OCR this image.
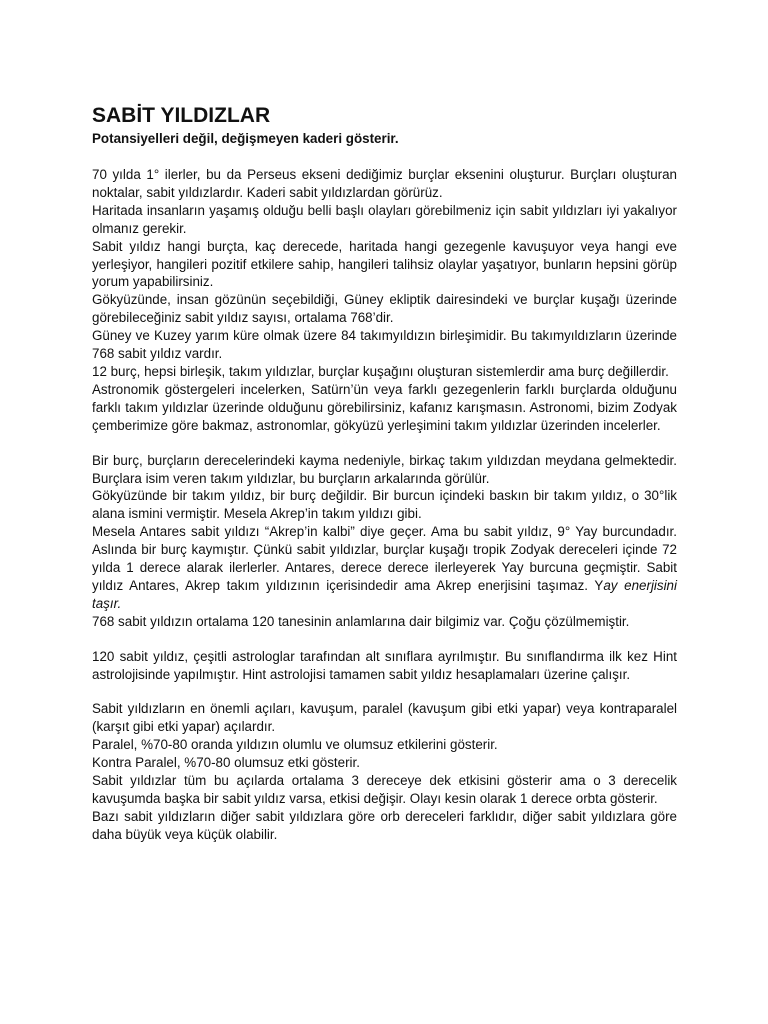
SABİT YILDIZLAR

Potansiyelleri değil, değişmeyen kaderi gösterir.

70 yılda 1° ilerler, bu da Perseus ekseni dediğimiz burçlar eksenini oluşturur. Burçları oluşturan noktalar, sabit yıldızlardır. Kaderi sabit yıldızlardan görürüz.

Haritada insanların yaşamış olduğu belli başlı olayları görebilmeniz için sabit yıldızları iyi yakalıyor olmanız gerekir.

Sabit yıldız hangi burçta, kaç derecede, haritada hangi gezegenle kavuşuyor veya hangi eve yerleşiyor, hangileri pozitif etkilere sahip, hangileri talihsiz olaylar yaşatıyor, bunların hepsini görüp yorum yapabilirsiniz.

Gökyüzünde, insan gözünün seçebildiği, Güney ekliptik dairesindeki ve burçlar kuşağı üzerinde görebileceğiniz sabit yıldız sayısı, ortalama 768’dir.

Güney ve Kuzey yarım küre olmak üzere 84 takımyıldızın birleşimidir. Bu takımyıldızların üzerinde 768 sabit yıldız vardır.

12 burç, hepsi birleşik, takım yıldızlar, burçlar kuşağını oluşturan sistemlerdir ama burç değillerdir.

Astronomik göstergeleri incelerken, Satürn’ün veya farklı gezegenlerin farklı burçlarda olduğunu farklı takım yıldızlar üzerinde olduğunu görebilirsiniz, kafanız karışmasın. Astronomi, bizim Zodyak çemberimize göre bakmaz, astronomlar, gökyüzü yerleşimini takım yıldızlar üzerinden incelerler.

Bir burç, burçların derecelerindeki kayma nedeniyle, birkaç takım yıldızdan meydana gelmektedir. Burçlara isim veren takım yıldızlar, bu burçların arkalarında görülür.

Gökyüzünde bir takım yıldız, bir burç değildir. Bir burcun içindeki baskın bir takım yıldız, o 30°lik alana ismini vermiştir. Mesela Akrep’in takım yıldızı gibi.

Mesela Antares sabit yıldızı “Akrep’in kalbi” diye geçer. Ama bu sabit yıldız, 9° Yay burcundadır. Aslında bir burç kaymıştır. Çünkü sabit yıldızlar, burçlar kuşağı tropik Zodyak dereceleri içinde 72 yılda 1 derece alarak ilerlerler. Antares, derece derece ilerleyerek Yay burcuna geçmiştir. Sabit yıldız Antares, Akrep takım yıldızının içerisindedir ama Akrep enerjisini taşımaz. Yay enerjisini taşır.

768 sabit yıldızın ortalama 120 tanesinin anlamlarına dair bilgimiz var. Çoğu çözülmemiştir.

120 sabit yıldız, çeşitli astrologlar tarafından alt sınıflara ayrılmıştır. Bu sınıflandırma ilk kez Hint astrolojisinde yapılmıştır. Hint astrolojisi tamamen sabit yıldız hesaplamaları üzerine çalışır.

Sabit yıldızların en önemli açıları, kavuşum, paralel (kavuşum gibi etki yapar) veya kontraparalel (karşıt gibi etki yapar) açılardır.

Paralel, %70-80 oranda yıldızın olumlu ve olumsuz etkilerini gösterir.

Kontra Paralel, %70-80 olumsuz etki gösterir.

Sabit yıldızlar tüm bu açılarda ortalama 3 dereceye dek etkisini gösterir ama o 3 derecelik kavuşumda başka bir sabit yıldız varsa, etkisi değişir. Olayı kesin olarak 1 derece orbta gösterir.

Bazı sabit yıldızların diğer sabit yıldızlara göre orb dereceleri farklıdır, diğer sabit yıldızlara göre daha büyük veya küçük olabilir.
